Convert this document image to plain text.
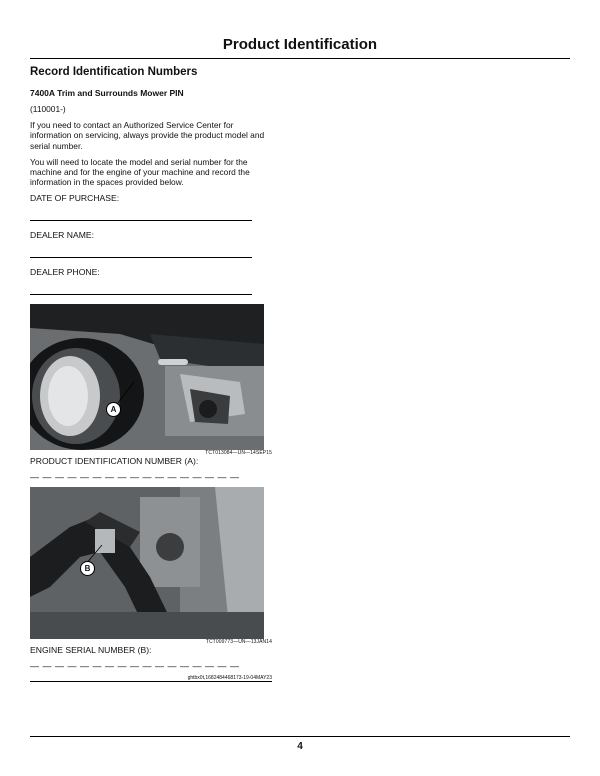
Product Identification
Record Identification Numbers
7400A Trim and Surrounds Mower PIN

(110001-)

If you need to contact an Authorized Service Center for information on servicing, always provide the product model and serial number.

You will need to locate the model and serial number for the machine and for the engine of your machine and record the information in the spaces provided below.

DATE OF PURCHASE:

DEALER NAME:

DEALER PHONE:

A

TCT013084—UN—14SEP15

PRODUCT IDENTIFICATION NUMBER (A):

— — — — — — — — — — — — — — — — —

B

TCT009773—UN—13JAN14

ENGINE SERIAL NUMBER (B):

— — — — — — — — — — — — — — — — —

ghtbx0t,1682484468173-19-04MAY23

4
